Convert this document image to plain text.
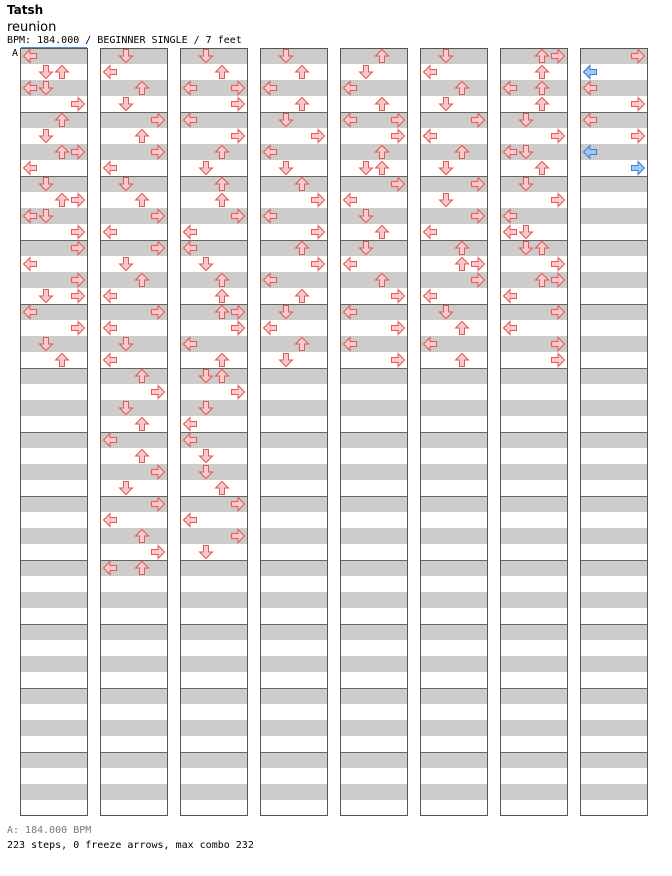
Tatsh
reunion
BPM: 184.000 / BEGINNER SINGLE / 7 feet
A
A: 184.000 BPM
223 steps, 0 freeze arrows, max combo 232
